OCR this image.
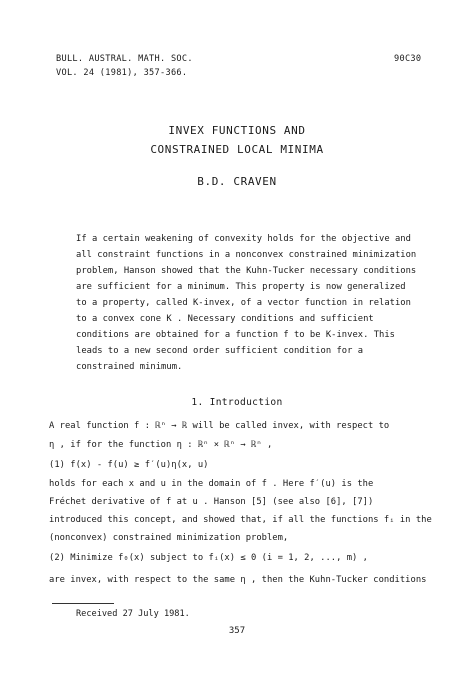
BULL. AUSTRAL. MATH. SOC.
VOL. 24 (1981), 357-366.
90C30
INVEX FUNCTIONS AND
CONSTRAINED LOCAL MINIMA
B.D. CRAVEN
If a certain weakening of convexity holds for the objective and
all constraint functions in a nonconvex constrained minimization
problem, Hanson showed that the Kuhn-Tucker necessary conditions
are sufficient for a minimum. This property is now generalized
to a property, called K-invex, of a vector function in relation
to a convex cone K . Necessary conditions and sufficient
conditions are obtained for a function f to be K-invex. This
leads to a new second order sufficient condition for a
constrained minimum.
1. Introduction
A real function f : ℝⁿ → ℝ will be called invex, with respect to
η , if for the function η : ℝⁿ × ℝⁿ → ℝⁿ ,
(1) f(x) - f(u) ≥ f′(u)η(x, u)
holds for each x and u in the domain of f . Here f′(u) is the
Fréchet derivative of f at u . Hanson [5] (see also [6], [7])
introduced this concept, and showed that, if all the functions fᵢ in the
(nonconvex) constrained minimization problem,
(2) Minimize f₀(x) subject to fᵢ(x) ≤ 0 (i = 1, 2, ..., m) ,
are invex, with respect to the same η , then the Kuhn-Tucker conditions
Received 27 July 1981.
357
